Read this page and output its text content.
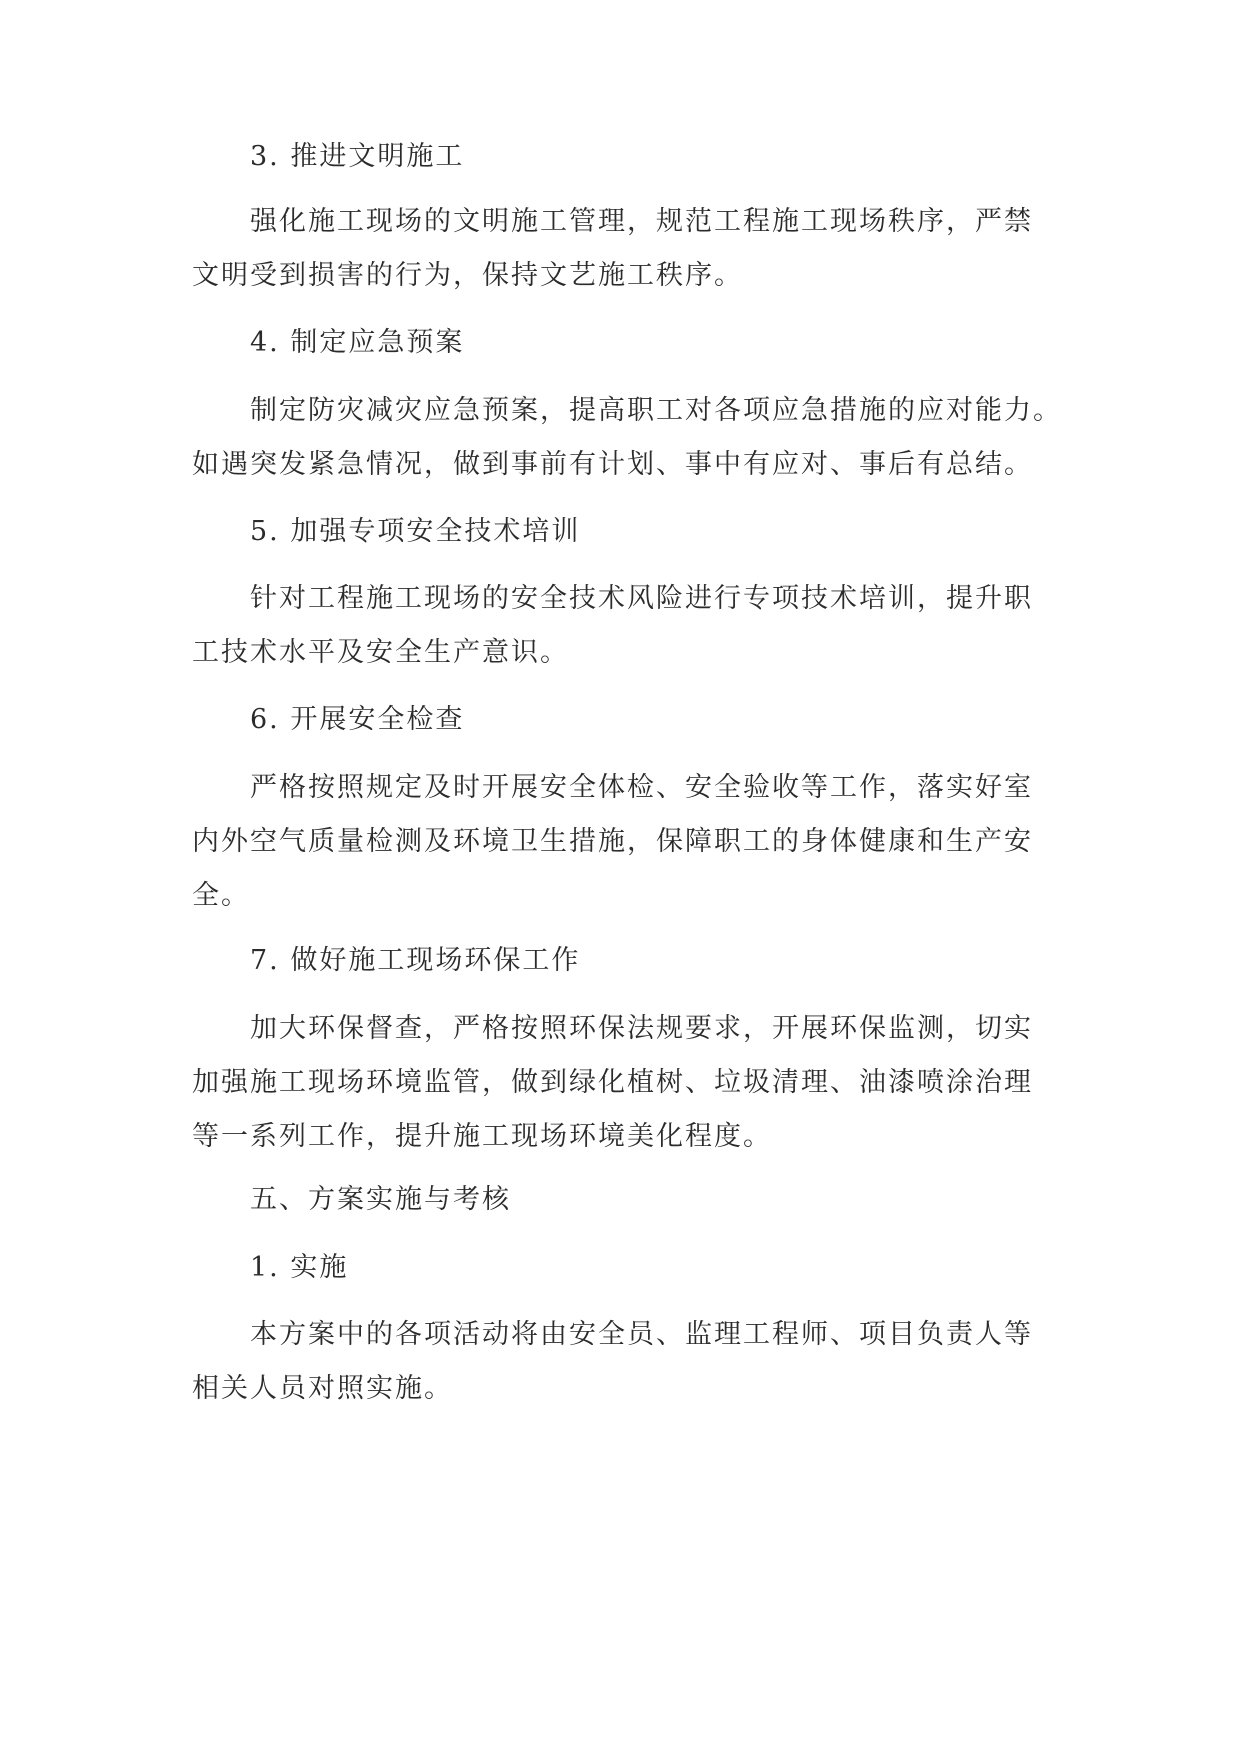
　　3. 推进文明施工
　　强化施工现场的文明施工管理，规范工程施工现场秩序，严禁
文明受到损害的行为，保持文艺施工秩序。
　　4. 制定应急预案
　　制定防灾减灾应急预案，提高职工对各项应急措施的应对能力。
如遇突发紧急情况，做到事前有计划、事中有应对、事后有总结。
　　5. 加强专项安全技术培训
　　针对工程施工现场的安全技术风险进行专项技术培训，提升职
工技术水平及安全生产意识。
　　6. 开展安全检查
　　严格按照规定及时开展安全体检、安全验收等工作，落实好室
内外空气质量检测及环境卫生措施，保障职工的身体健康和生产安
全。
　　7. 做好施工现场环保工作
　　加大环保督查，严格按照环保法规要求，开展环保监测，切实
加强施工现场环境监管，做到绿化植树、垃圾清理、油漆喷涂治理
等一系列工作，提升施工现场环境美化程度。
　　五、方案实施与考核
　　1. 实施
　　本方案中的各项活动将由安全员、监理工程师、项目负责人等
相关人员对照实施。
